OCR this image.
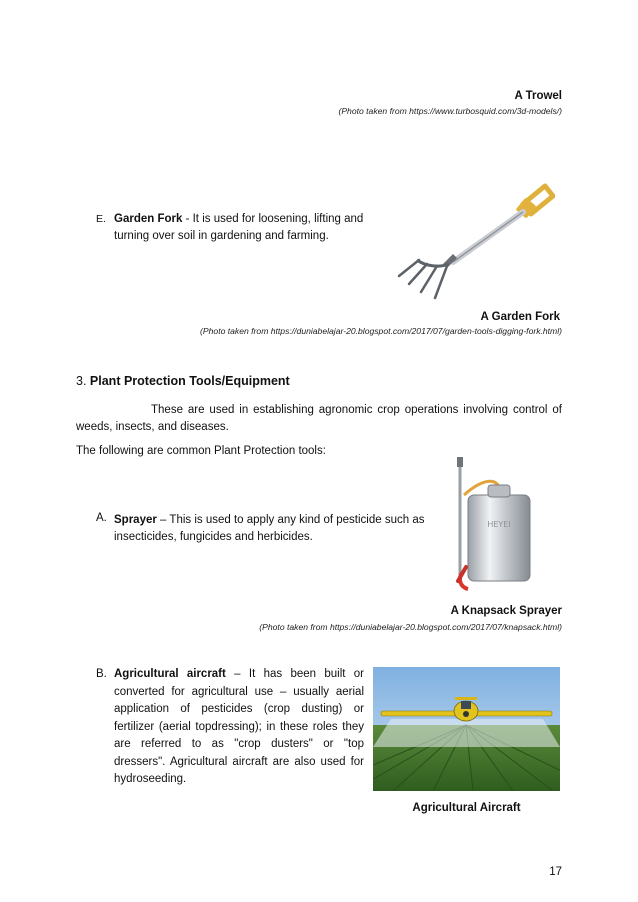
A Trowel
(Photo taken from https://www.turbosquid.com/3d-models/)
E. Garden Fork - It is used for loosening, lifting and turning over soil in gardening and farming.
A Garden Fork
(Photo taken from https://duniabelajar-20.blogspot.com/2017/07/garden-tools-digging-fork.html)
3. Plant Protection Tools/Equipment
These are used in establishing agronomic crop operations involving control of weeds, insects, and diseases.
The following are common Plant Protection tools:
A. Sprayer – This is used to apply any kind of pesticide such as insecticides, fungicides and herbicides.
HEYEI
A Knapsack Sprayer
(Photo taken from https://duniabelajar-20.blogspot.com/2017/07/knapsack.html)
B. Agricultural aircraft – It has been built or converted for agricultural use – usually aerial application of pesticides (crop dusting) or fertilizer (aerial topdressing); in these roles they are referred to as "crop dusters" or "top dressers". Agricultural aircraft are also used for hydroseeding.
Agricultural Aircraft
17
